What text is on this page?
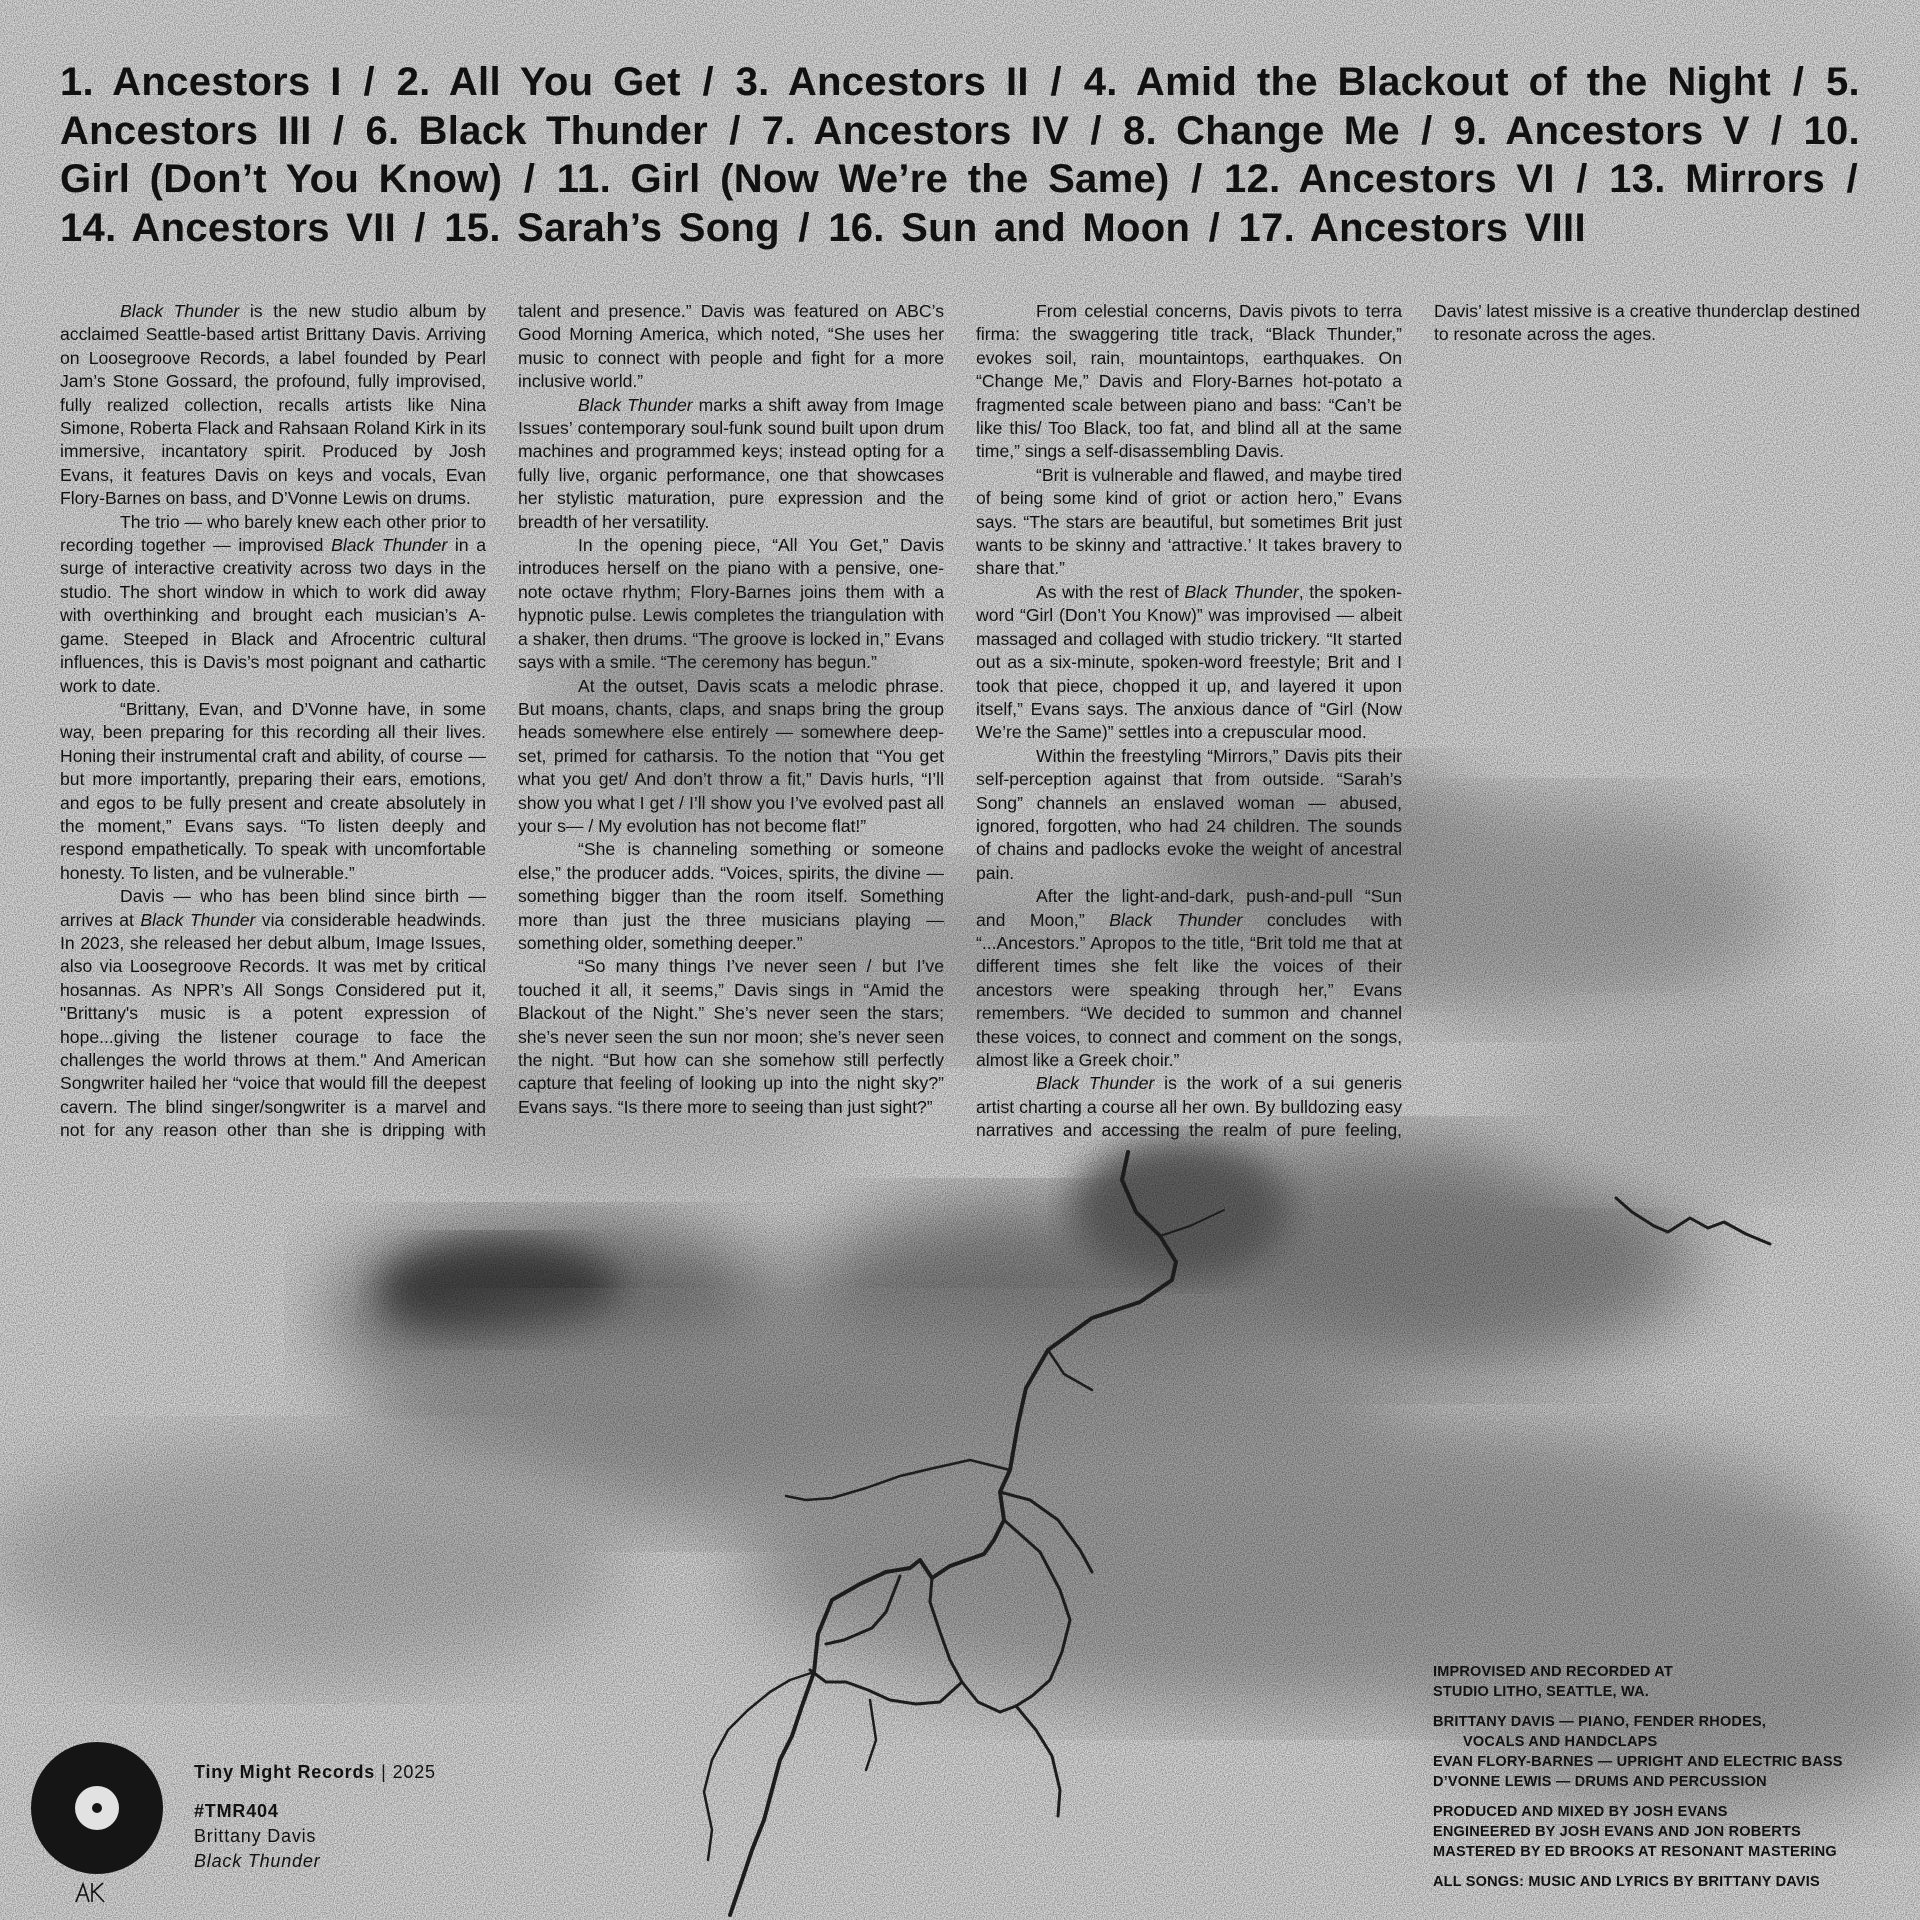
1. Ancestors I / 2. All You Get / 3. Ancestors II / 4. Amid the Blackout of the Night / 5. Ancestors III / 6. Black Thunder / 7. Ancestors IV / 8. Change Me / 9. Ancestors V / 10. Girl (Don’t You Know) / 11. Girl (Now We’re the Same) / 12. Ancestors VI / 13. Mirrors / 14. Ancestors VII / 15. Sarah’s Song / 16. Sun and Moon / 17. Ancestors VIII

Black Thunder is the new studio album by acclaimed Seattle-based artist Brittany Davis. Arriving on Loosegroove Records, a label founded by Pearl Jam’s Stone Gossard, the profound, fully improvised, fully realized collection, recalls artists like Nina Simone, Roberta Flack and Rahsaan Roland Kirk in its immersive, incantatory spirit. Produced by Josh Evans, it features Davis on keys and vocals, Evan Flory-Barnes on bass, and D’Vonne Lewis on drums.

The trio — who barely knew each other prior to recording together — improvised Black Thunder in a surge of interactive creativity across two days in the studio. The short window in which to work did away with overthinking and brought each musician’s A-game. Steeped in Black and Afrocentric cultural influences, this is Davis’s most poignant and cathartic work to date.

“Brittany, Evan, and D’Vonne have, in some way, been preparing for this recording all their lives. Honing their instrumental craft and ability, of course — but more importantly, preparing their ears, emotions, and egos to be fully present and create absolutely in the moment,” Evans says. “To listen deeply and respond empathetically. To speak with uncomfortable honesty. To listen, and be vulnerable.”

Davis — who has been blind since birth — arrives at Black Thunder via considerable headwinds. In 2023, she released her debut album, Image Issues, also via Loosegroove Records. It was met by critical hosannas. As NPR’s All Songs Considered put it, "Brittany's music is a potent expression of hope...giving the listener courage to face the challenges the world throws at them." And American Songwriter hailed her “voice that would fill the deepest cavern. The blind singer/songwriter is a marvel and not for any reason other than she is dripping with talent and presence.” Davis was featured on ABC’s Good Morning America, which noted, “She uses her music to connect with people and fight for a more inclusive world.”

Black Thunder marks a shift away from Image Issues’ contemporary soul-funk sound built upon drum machines and programmed keys; instead opting for a fully live, organic performance, one that showcases her stylistic maturation, pure expression and the breadth of her versatility.

In the opening piece, “All You Get,” Davis introduces herself on the piano with a pensive, one-note octave rhythm; Flory-Barnes joins them with a hypnotic pulse. Lewis completes the triangulation with a shaker, then drums. “The groove is locked in,” Evans says with a smile. “The ceremony has begun.”

At the outset, Davis scats a melodic phrase. But moans, chants, claps, and snaps bring the group heads somewhere else entirely — somewhere deep-set, primed for catharsis. To the notion that “You get what you get/ And don’t throw a fit,” Davis hurls, “I’ll show you what I get / I’ll show you I’ve evolved past all your s— / My evolution has not become flat!”

“She is channeling something or someone else,” the producer adds. “Voices, spirits, the divine — something bigger than the room itself. Something more than just the three musicians playing — something older, something deeper.”

“So many things I’ve never seen / but I’ve touched it all, it seems,” Davis sings in “Amid the Blackout of the Night.” She’s never seen the stars; she’s never seen the sun nor moon; she’s never seen the night. “But how can she somehow still perfectly capture that feeling of looking up into the night sky?” Evans says. “Is there more to seeing than just sight?”

From celestial concerns, Davis pivots to terra firma: the swaggering title track, “Black Thunder,” evokes soil, rain, mountaintops, earthquakes. On “Change Me,” Davis and Flory-Barnes hot-potato a fragmented scale between piano and bass: “Can’t be like this/ Too Black, too fat, and blind all at the same time,” sings a self-disassembling Davis.

“Brit is vulnerable and flawed, and maybe tired of being some kind of griot or action hero,” Evans says. “The stars are beautiful, but sometimes Brit just wants to be skinny and ‘attractive.’ It takes bravery to share that.”

As with the rest of Black Thunder, the spoken-word “Girl (Don’t You Know)” was improvised — albeit massaged and collaged with studio trickery. “It started out as a six-minute, spoken-word freestyle; Brit and I took that piece, chopped it up, and layered it upon itself,” Evans says. The anxious dance of “Girl (Now We’re the Same)” settles into a crepuscular mood.

Within the freestyling “Mirrors,” Davis pits their self-perception against that from outside. “Sarah’s Song” channels an enslaved woman — abused, ignored, forgotten, who had 24 children. The sounds of chains and padlocks evoke the weight of ancestral pain.

After the light-and-dark, push-and-pull “Sun and Moon,” Black Thunder concludes with “...Ancestors.” Apropos to the title, “Brit told me that at different times she felt like the voices of their ancestors were speaking through her,” Evans remembers. “We decided to summon and channel these voices, to connect and comment on the songs, almost like a Greek choir.”

Black Thunder is the work of a sui generis artist charting a course all her own. By bulldozing easy narratives and accessing the realm of pure feeling, Davis’ latest missive is a creative thunderclap destined to resonate across the ages.

IMPROVISED AND RECORDED AT
STUDIO LITHO, SEATTLE, WA.
BRITTANY DAVIS — PIANO, FENDER RHODES,
VOCALS AND HANDCLAPS
EVAN FLORY-BARNES — UPRIGHT AND ELECTRIC BASS
D’VONNE LEWIS — DRUMS AND PERCUSSION
PRODUCED AND MIXED BY JOSH EVANS
ENGINEERED BY JOSH EVANS AND JON ROBERTS
MASTERED BY ED BROOKS AT RESONANT MASTERING
ALL SONGS: MUSIC AND LYRICS BY BRITTANY DAVIS
Tiny Might Records | 2025
#TMR404
Brittany Davis
Black Thunder
